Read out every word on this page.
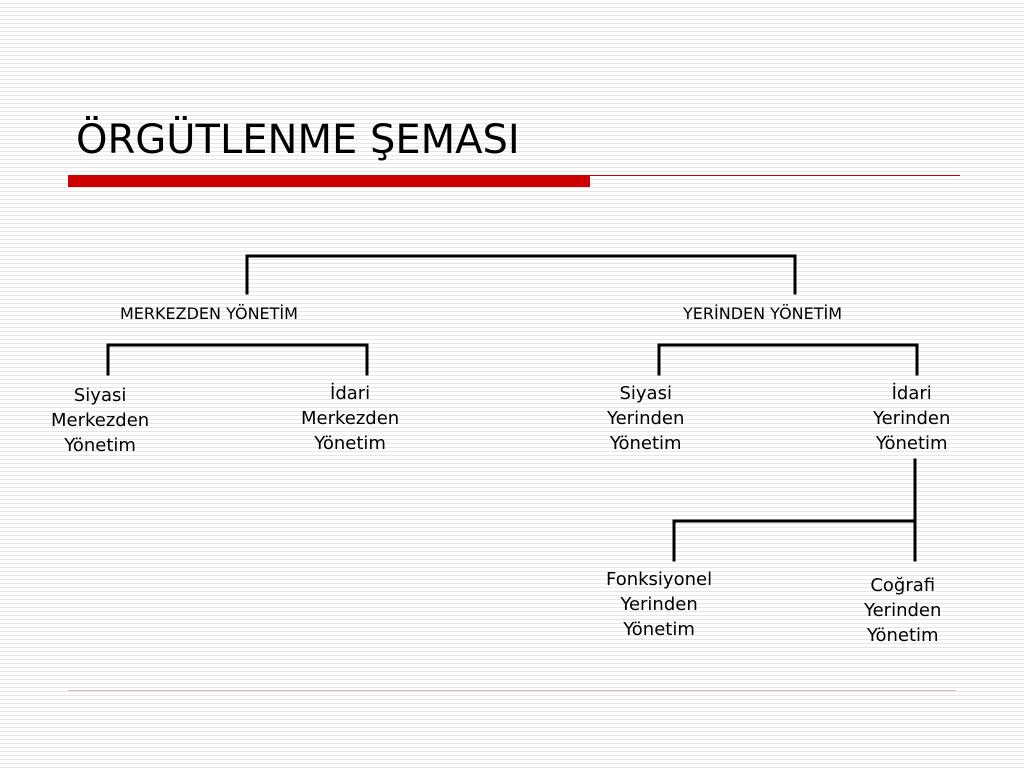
ÖRGÜTLENME ŞEMASI
MERKEZDEN YÖNETİM	YERİNDEN YÖNETİM
Siyasi
Merkezden
Yönetim
İdari
Merkezden
Yönetim
Siyasi
Yerinden
Yönetim
İdari
Yerinden
Yönetim
Fonksiyonel
Yerinden
Yönetim
Coğrafi
Yerinden
Yönetim
